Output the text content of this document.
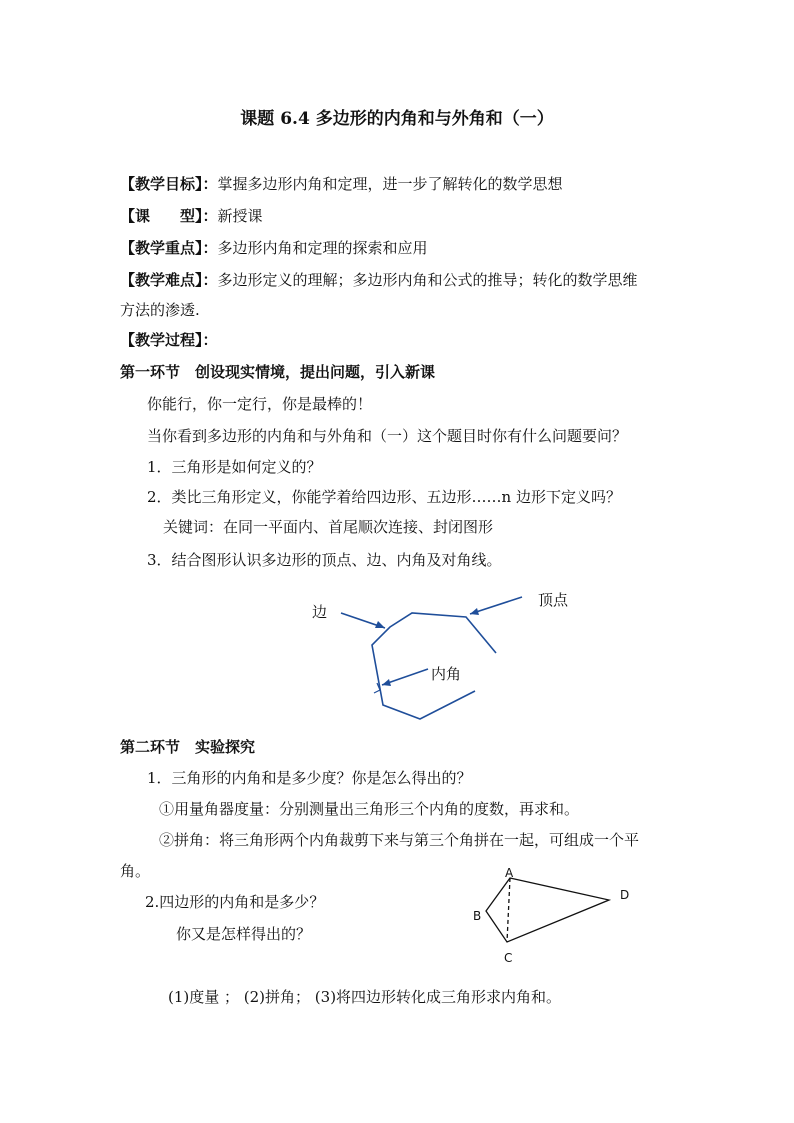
课题 6.4 多边形的内角和与外角和（一）
【教学目标】：掌握多边形内角和定理，进一步了解转化的数学思想
【课　　型】：新授课
【教学重点】：多边形内角和定理的探索和应用
【教学难点】：多边形定义的理解；多边形内角和公式的推导；转化的数学思维
方法的渗透.
【教学过程】：
第一环节　创设现实情境，提出问题，引入新课
你能行，你一定行，你是最棒的！
当你看到多边形的内角和与外角和（一）这个题目时你有什么问题要问？
1．三角形是如何定义的？
2．类比三角形定义，你能学着给四边形、五边形……n 边形下定义吗？
关键词：在同一平面内、首尾顺次连接、封闭图形
3．结合图形认识多边形的顶点、边、内角及对角线。
边
顶点
内角
第二环节　实验探究
1．三角形的内角和是多少度？你是怎么得出的？
①用量角器度量：分别测量出三角形三个内角的度数，再求和。
②拼角：将三角形两个内角裁剪下来与第三个角拼在一起，可组成一个平
角。
2.四边形的内角和是多少？
你又是怎样得出的？
(1)度量 ； (2)拼角； (3)将四边形转化成三角形求内角和。
A
B
C
D
